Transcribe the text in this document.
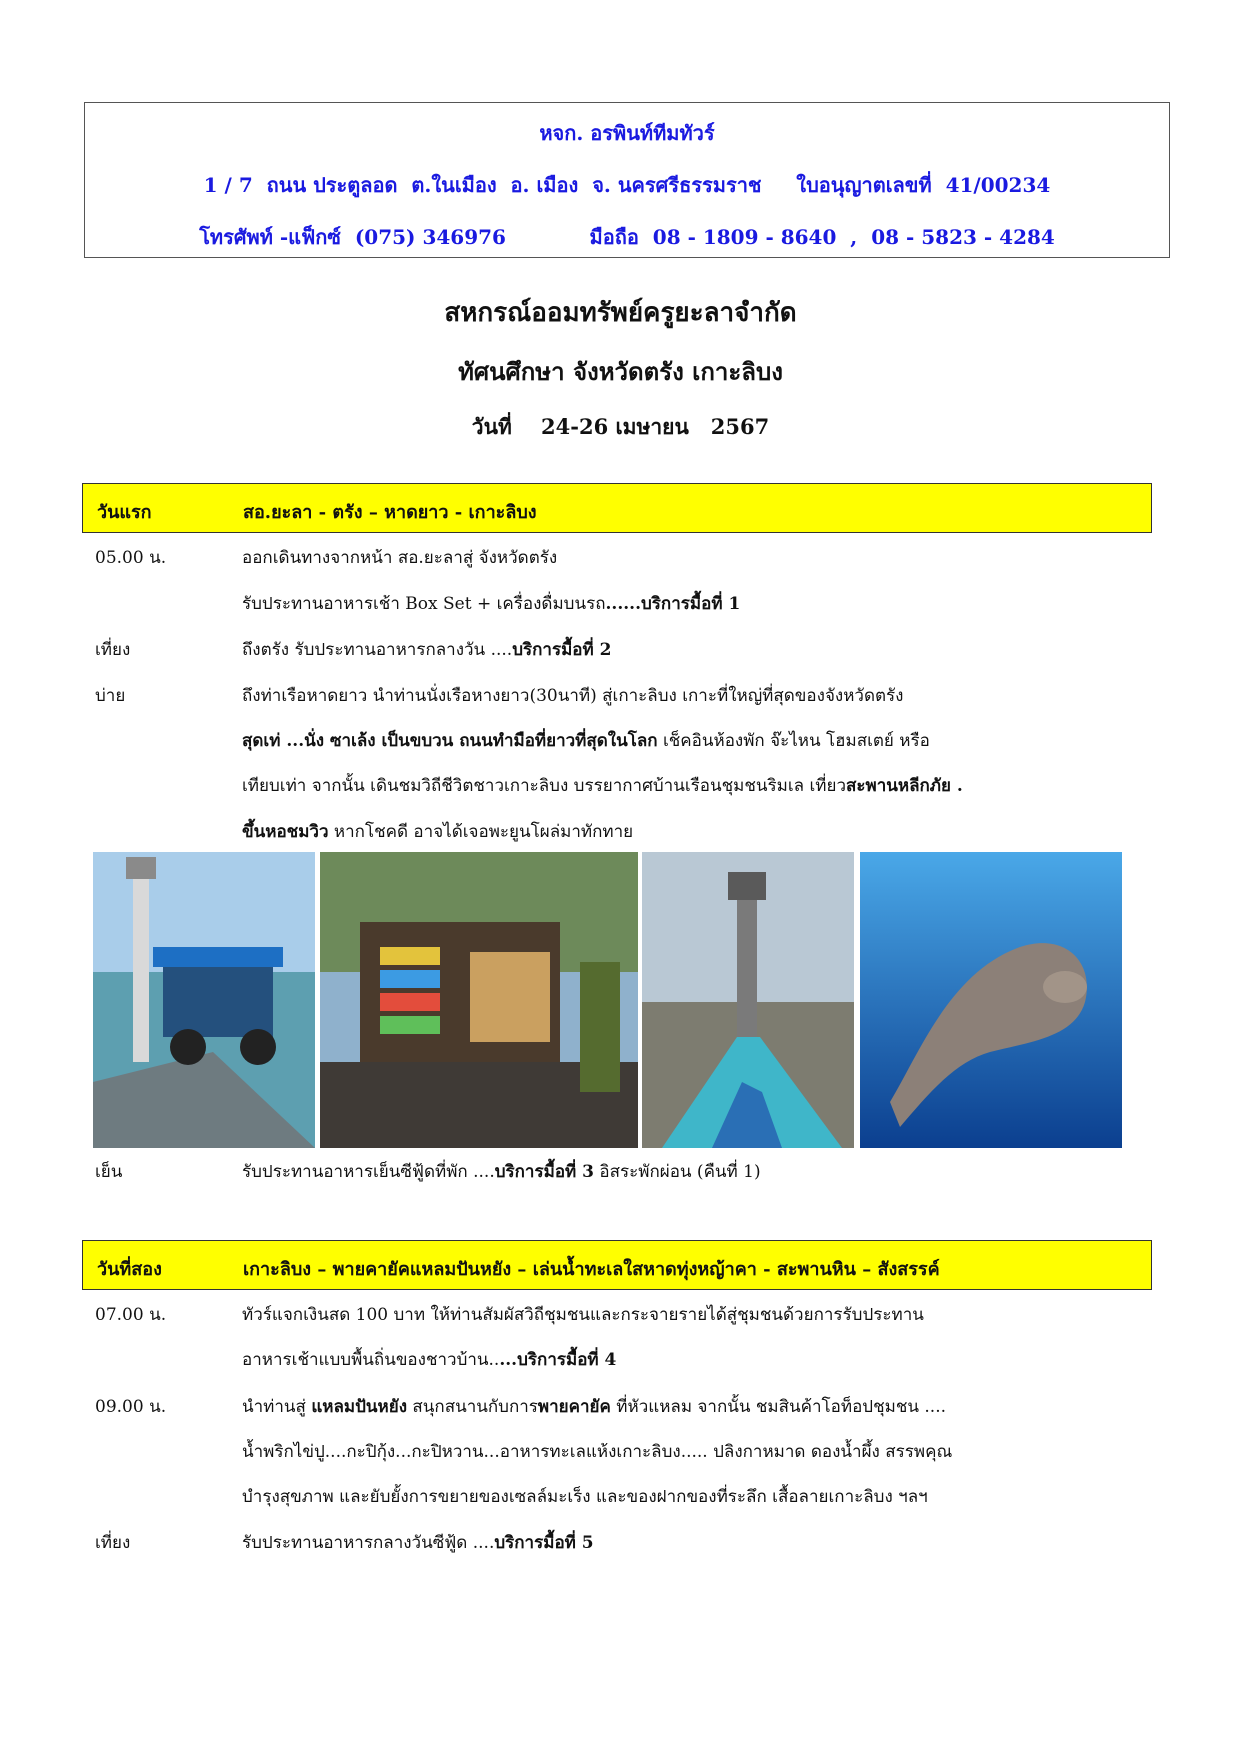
หจก. อรพินท์ทีมทัวร์
1 / 7  ถนน ประตูลอด  ต.ในเมือง  อ. เมือง  จ. นครศรีธรรมราช     ใบอนุญาตเลขที่  41/00234
โทรศัพท์ -แฟ็กซ์  (075) 346976            มือถือ  08 - 1809 - 8640  ,  08 - 5823 - 4284
สหกรณ์ออมทรัพย์ครูยะลาจำกัด
ทัศนศึกษา จังหวัดตรัง เกาะลิบง
วันที่    24-26 เมษายน   2567
วันแรก	สอ.ยะลา - ตรัง – หาดยาว - เกาะลิบง
05.00 น.	ออกเดินทางจากหน้า สอ.ยะลาสู่ จังหวัดตรัง
รับประทานอาหารเช้า Box Set + เครื่องดื่มบนรถ......บริการมื้อที่ 1
เที่ยง	ถึงตรัง รับประทานอาหารกลางวัน ....บริการมื้อที่ 2
บ่าย	ถึงท่าเรือหาดยาว นำท่านนั่งเรือหางยาว(30นาที) สู่เกาะลิบง เกาะที่ใหญ่ที่สุดของจังหวัดตรัง
สุดเท่ ...นั่ง ซาเล้ง เป็นขบวน ถนนทำมือที่ยาวที่สุดในโลก เช็คอินห้องพัก จ๊ะไหน โฮมสเตย์ หรือ
เทียบเท่า จากนั้น เดินชมวิถีชีวิตชาวเกาะลิบง บรรยากาศบ้านเรือนชุมชนริมเล เที่ยวสะพานหลีกภัย .
ขึ้นหอชมวิว หากโชคดี อาจได้เจอพะยูนโผล่มาทักทาย
เย็น	รับประทานอาหารเย็นซีฟู้ดที่พัก ....บริการมื้อที่ 3 อิสระพักผ่อน (คืนที่ 1)
วันที่สอง	เกาะลิบง – พายคายัคแหลมปันหยัง – เล่นน้ำทะเลใสหาดทุ่งหญ้าคา - สะพานหิน – สังสรรค์
07.00 น.	ทัวร์แจกเงินสด 100 บาท ให้ท่านสัมผัสวิถีชุมชนและกระจายรายได้สู่ชุมชนด้วยการรับประทาน
อาหารเช้าแบบพื้นถิ่นของชาวบ้าน.....บริการมื้อที่ 4
09.00 น.	นำท่านสู่ แหลมปันหยัง สนุกสนานกับการพายคายัค ที่หัวแหลม จากนั้น ชมสินค้าโอท็อปชุมชน ....
น้ำพริกไข่ปู....กะปิกุ้ง...กะปิหวาน...อาหารทะเลแห้งเกาะลิบง..... ปลิงกาหมาด ดองน้ำผึ้ง สรรพคุณ
บำรุงสุขภาพ และยับยั้งการขยายของเซลล์มะเร็ง และของฝากของที่ระลึก เสื้อลายเกาะลิบง ฯลฯ
เที่ยง	รับประทานอาหารกลางวันซีฟู้ด ....บริการมื้อที่ 5
